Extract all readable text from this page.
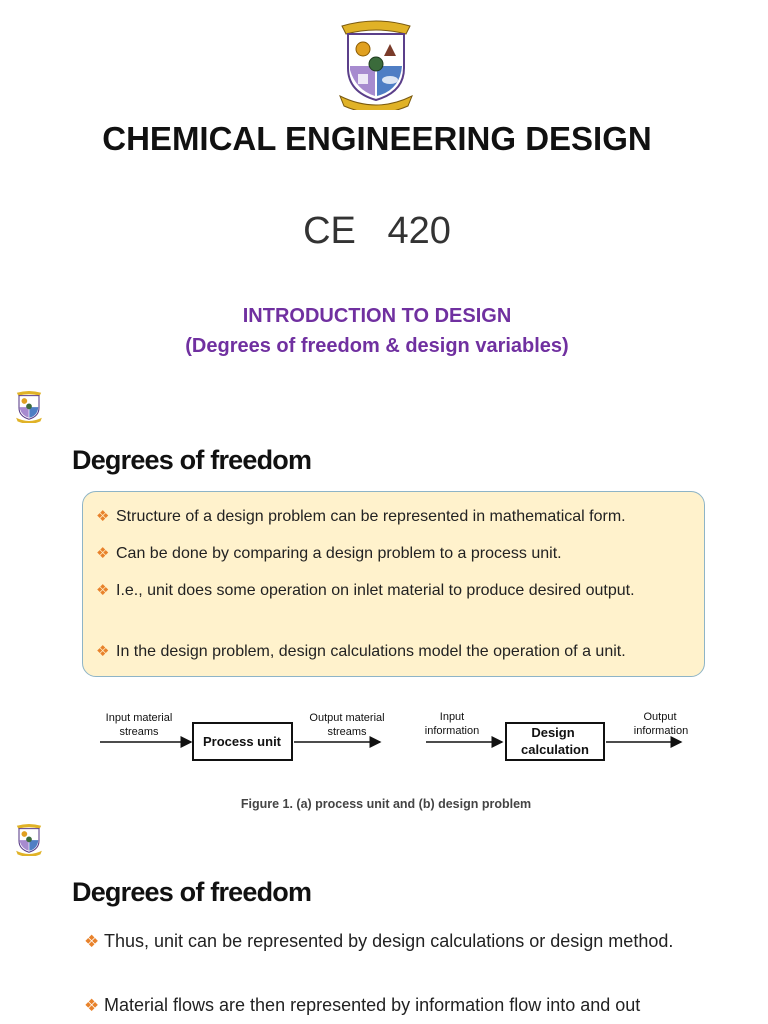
CHEMICAL ENGINEERING DESIGN
CE   420
INTRODUCTION TO DESIGN
(Degrees of freedom & design variables)
Degrees of freedom
❖ Structure of a design problem can be represented in mathematical form.
❖ Can be done by comparing a design problem to a process unit.
❖ I.e., unit does some operation on inlet material to produce desired output.
❖ In the design problem, design calculations model the operation of a unit.
Input material
streams
Process unit
Output material
streams
Input
information	Design
calculation
Output
information
Figure 1. (a) process unit and (b) design problem
Degrees of freedom
❖ Thus, unit can be represented by design calculations or design method.
❖ Material flows are then represented by information flow into and out
